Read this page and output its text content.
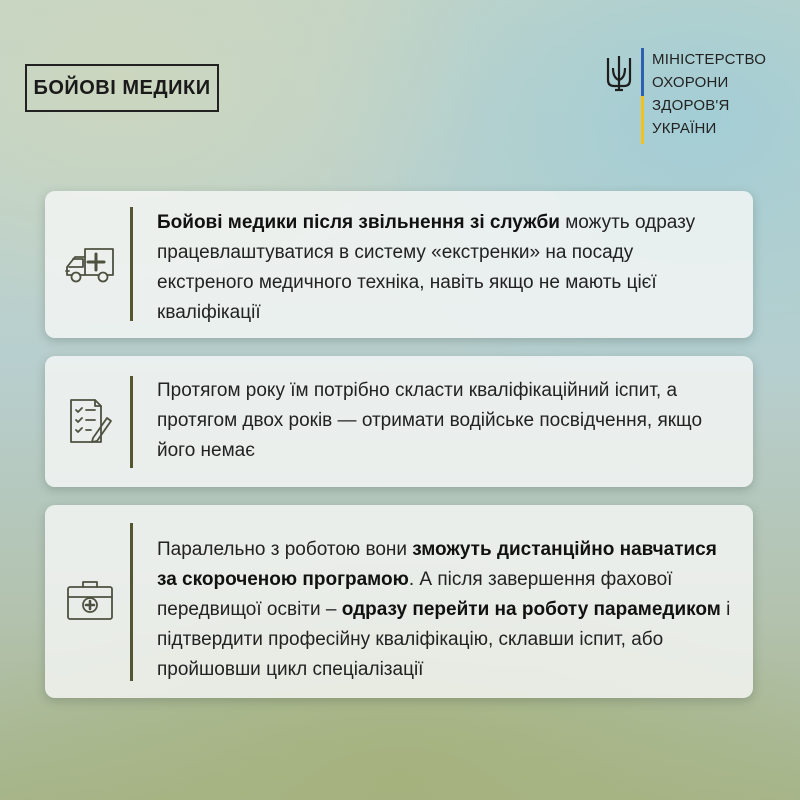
БОЙОВІ МЕДИКИ
МІНІСТЕРСТВО
ОХОРОНИ
ЗДОРОВ'Я
УКРАЇНИ
Бойові медики після звільнення зі служби можуть одразу працевлаштуватися в систему «екстренки» на посаду екстреного медичного техніка, навіть якщо не мають цієї кваліфікації
Протягом року їм потрібно скласти кваліфікаційний іспит, а протягом двох років — отримати водійське посвідчення, якщо його немає
Паралельно з роботою вони зможуть дистанційно навчатися за скороченою програмою. А після завершення фахової передвищої освіти – одразу перейти на роботу парамедиком і підтвердити професійну кваліфікацію, склавши іспит, або пройшовши цикл спеціалізації
